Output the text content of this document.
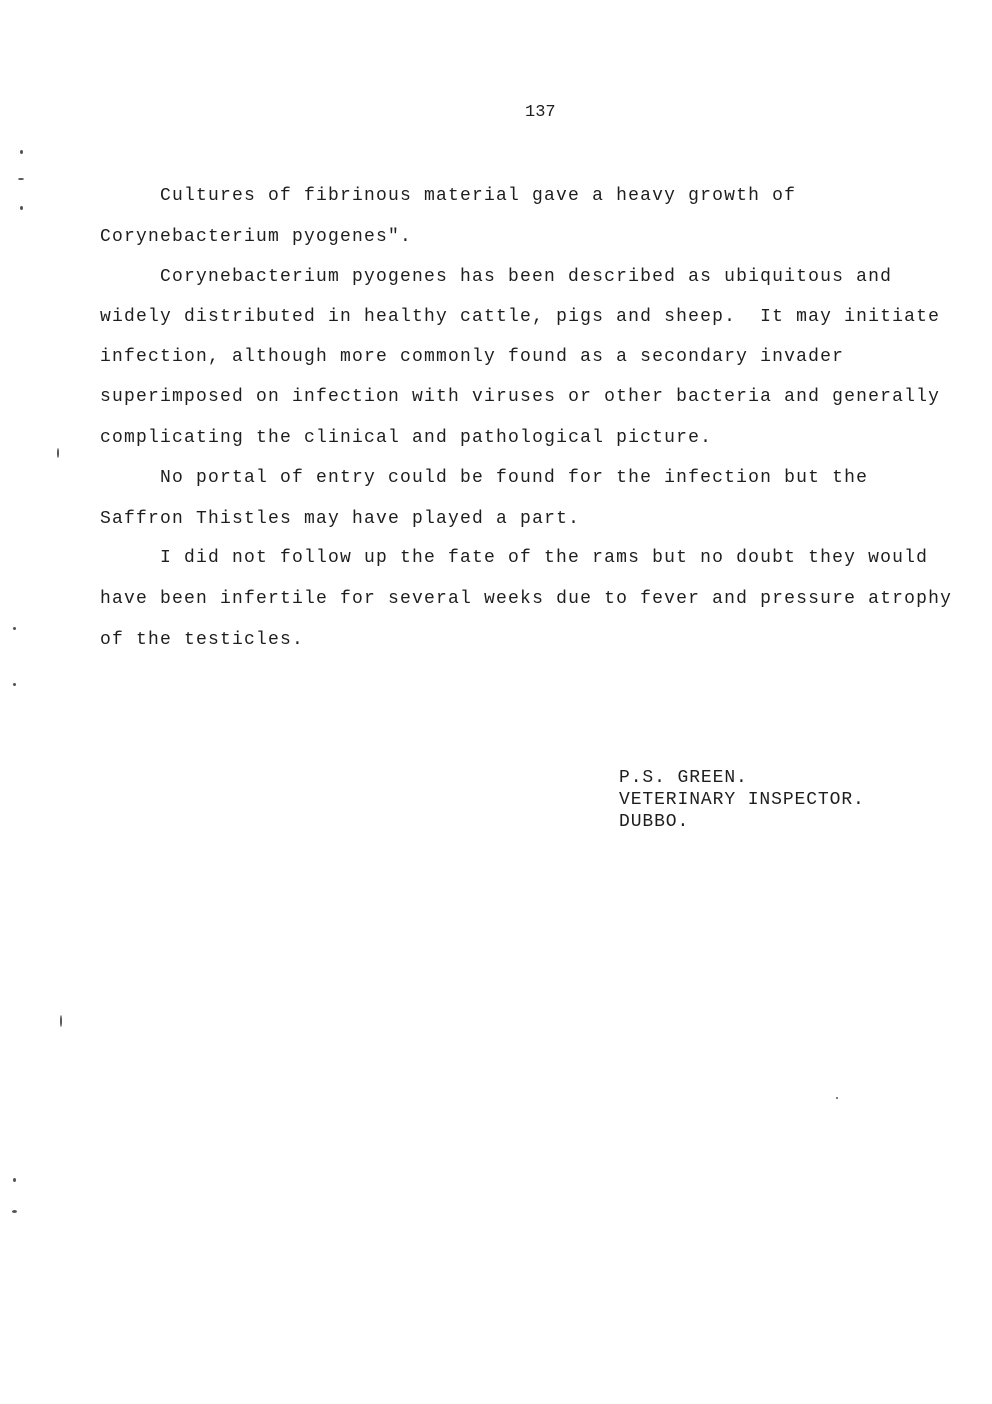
137
Cultures of fibrinous material gave a heavy growth of
Corynebacterium pyogenes".
Corynebacterium pyogenes has been described as ubiquitous and
widely distributed in healthy cattle, pigs and sheep.  It may initiate
infection, although more commonly found as a secondary invader
superimposed on infection with viruses or other bacteria and generally
complicating the clinical and pathological picture.
No portal of entry could be found for the infection but the
Saffron Thistles may have played a part.
I did not follow up the fate of the rams but no doubt they would
have been infertile for several weeks due to fever and pressure atrophy
of the testicles.
P.S. GREEN.
VETERINARY INSPECTOR.
DUBBO.
